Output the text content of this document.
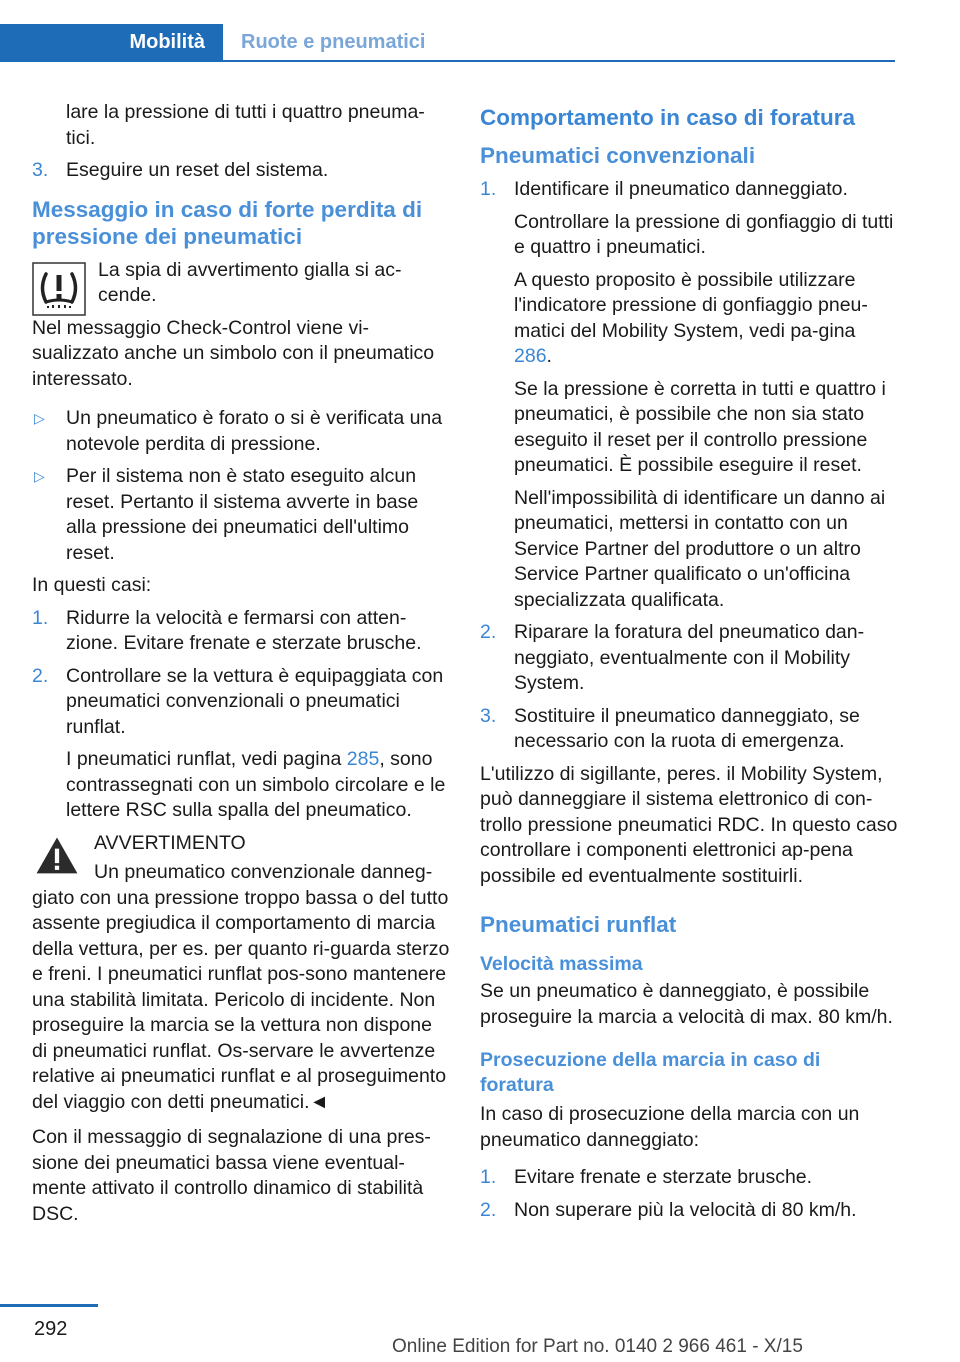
Mobilità	Ruote e pneumatici

lare la pressione di tutti i quattro pneuma-tici.

3. Eseguire un reset del sistema.
Messaggio in caso di forte perdita di pressione dei pneumatici

La spia di avvertimento gialla si ac-cende.

Nel messaggio Check-Control viene vi-sualizzato anche un simbolo con il pneumatico interessato.

▷ Un pneumatico è forato o si è verificata una notevole perdita di pressione.
▷ Per il sistema non è stato eseguito alcun reset. Pertanto il sistema avverte in base alla pressione dei pneumatici dell'ultimo reset.

In questi casi:

1. Ridurre la velocità e fermarsi con atten-zione. Evitare frenate e sterzate brusche.
2. Controllare se la vettura è equipaggiata con pneumatici convenzionali o pneumatici runflat.

I pneumatici runflat, vedi pagina 285, sono contrassegnati con un simbolo circolare e le lettere RSC sulla spalla del pneumatico.

AVVERTIMENTO

Un pneumatico convenzionale danneg-giato con una pressione troppo bassa o del tutto assente pregiudica il comportamento di marcia della vettura, per es. per quanto ri-guarda sterzo e freni. I pneumatici runflat pos-sono mantenere una stabilità limitata. Pericolo di incidente. Non proseguire la marcia se la vettura non dispone di pneumatici runflat. Os-servare le avvertenze relative ai pneumatici runflat e al proseguimento del viaggio con detti pneumatici.◄

Con il messaggio di segnalazione di una pres-sione dei pneumatici bassa viene eventual-mente attivato il controllo dinamico di stabilità DSC.

Comportamento in caso di foratura
Pneumatici convenzionali
1. Identificare il pneumatico danneggiato.

Controllare la pressione di gonfiaggio di tutti e quattro i pneumatici.

A questo proposito è possibile utilizzare l'indicatore pressione di gonfiaggio pneu-matici del Mobility System, vedi pa-gina 286.

Se la pressione è corretta in tutti e quattro i pneumatici, è possibile che non sia stato eseguito il reset per il controllo pressione pneumatici. È possibile eseguire il reset.

Nell'impossibilità di identificare un danno ai pneumatici, mettersi in contatto con un Service Partner del produttore o un altro Service Partner qualificato o un'officina specializzata qualificata.

2. Riparare la foratura del pneumatico dan-neggiato, eventualmente con il Mobility System.
3. Sostituire il pneumatico danneggiato, se necessario con la ruota di emergenza.

L'utilizzo di sigillante, peres. il Mobility System, può danneggiare il sistema elettronico di con-trollo pressione pneumatici RDC. In questo caso controllare i componenti elettronici ap-pena possibile ed eventualmente sostituirli.

Pneumatici runflat
Velocità massima

Se un pneumatico è danneggiato, è possibile proseguire la marcia a velocità di max. 80 km/h.

Prosecuzione della marcia in caso di foratura

In caso di prosecuzione della marcia con un pneumatico danneggiato:

1. Evitare frenate e sterzate brusche.
2. Non superare più la velocità di 80 km/h.
292
Online Edition for Part no. 0140 2 966 461 - X/15
